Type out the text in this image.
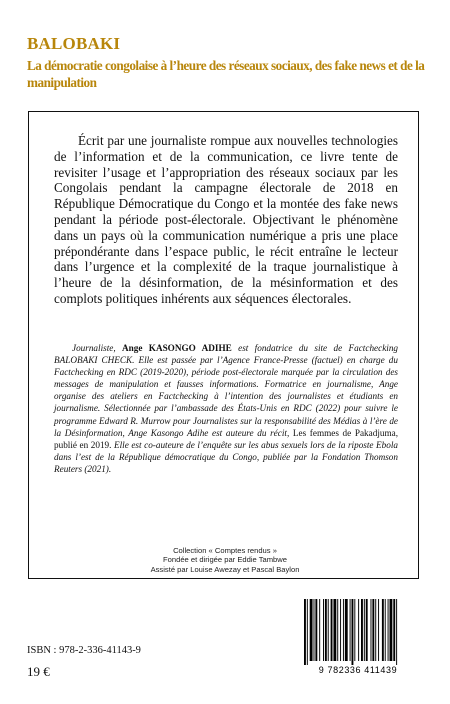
BALOBAKI
La démocratie congolaise à l’heure des réseaux sociaux, des fake news et de la manipulation

Écrit par une journaliste rompue aux nouvelles technologies de l’information et de la communication, ce livre tente de revisiter l’usage et l’appropriation des réseaux sociaux par les Congolais pendant la campagne électorale de 2018 en République Démocratique du Congo et la montée des fake news pendant la période post-électorale. Objectivant le phénomène dans un pays où la communication numérique a pris une place prépondérante dans l’espace public, le récit entraîne le lecteur dans l’urgence et la complexité de la traque journalistique à l’heure de la désinformation, de la mésinformation et des complots politiques inhérents aux séquences électorales.

Journaliste, Ange KASONGO ADIHE est fondatrice du site de Factchecking BALOBAKI CHECK. Elle est passée par l’Agence France-Presse (factuel) en charge du Factchecking en RDC (2019-2020), période post-électorale marquée par la circulation des messages de manipulation et fausses informations. Formatrice en journalisme, Ange organise des ateliers en Factchecking à l’intention des journalistes et étudiants en journalisme. Sélectionnée par l’ambassade des États-Unis en RDC (2022) pour suivre le programme Edward R. Murrow pour Journalistes sur la responsabilité des Médias à l’ère de la Désinformation, Ange Kasongo Adihe est auteure du récit, Les femmes de Pakadjuma, publié en 2019. Elle est co-auteure de l’enquête sur les abus sexuels lors de la riposte Ebola dans l’est de la République démocratique du Congo, publiée par la Fondation Thomson Reuters (2021).

Collection « Comptes rendus »
Fondée et dirigée par Eddie Tambwe
Assisté par Louise Awezay et Pascal Baylon
ISBN : 978-2-336-41143-9
19 €	9 782336 411439
